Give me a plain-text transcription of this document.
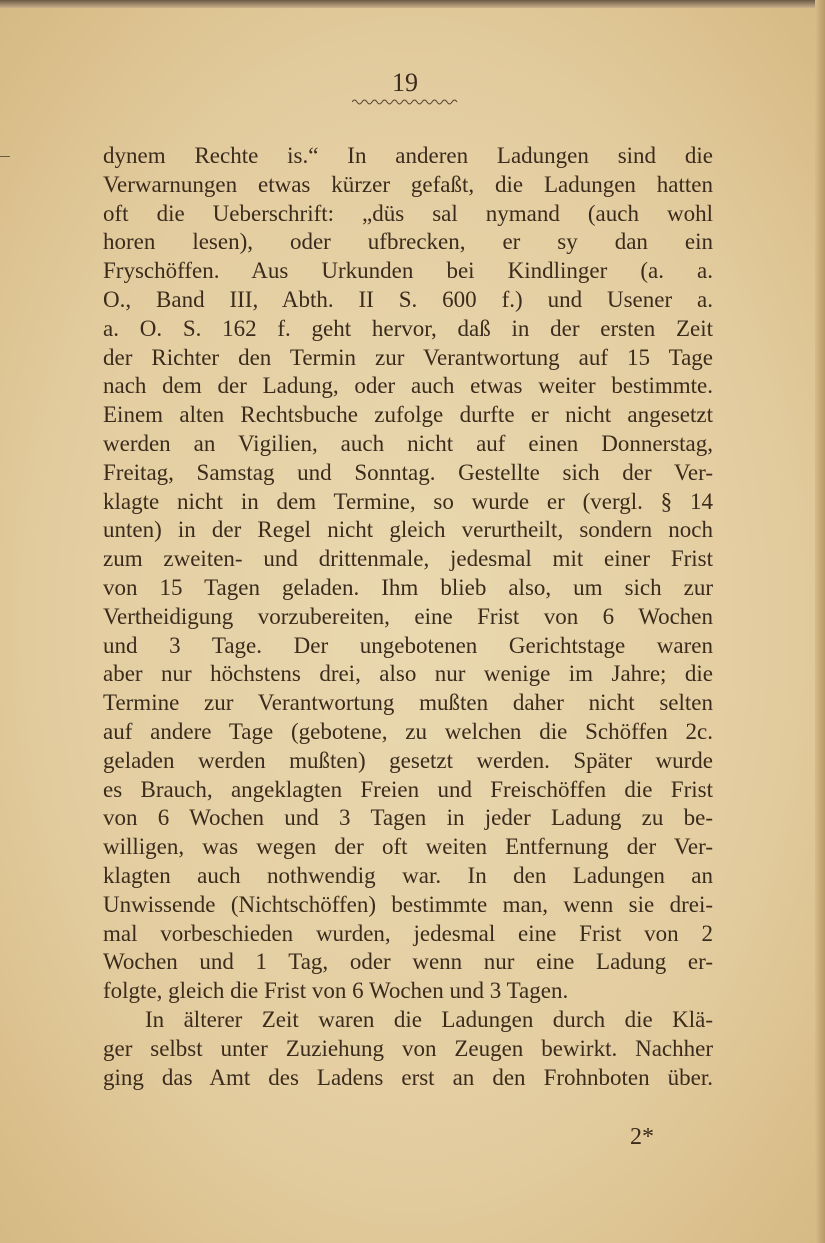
19
dynem Rechte is.“ In anderen Ladungen sind die
Verwarnungen etwas kürzer gefaßt, die Ladungen hatten
oft die Ueberschrift: „düs sal nymand (auch wohl
horen lesen), oder ufbrecken, er sy dan ein
Fryschöffen. Aus Urkunden bei Kindlinger (a. a.
O., Band III, Abth. II S. 600 f.) und Usener a.
a. O. S. 162 f. geht hervor, daß in der ersten Zeit
der Richter den Termin zur Verantwortung auf 15 Tage
nach dem der Ladung, oder auch etwas weiter bestimmte.
Einem alten Rechtsbuche zufolge durfte er nicht angesetzt
werden an Vigilien, auch nicht auf einen Donnerstag,
Freitag, Samstag und Sonntag. Gestellte sich der Ver-
klagte nicht in dem Termine, so wurde er (vergl. § 14
unten) in der Regel nicht gleich verurtheilt, sondern noch
zum zweiten- und drittenmale, jedesmal mit einer Frist
von 15 Tagen geladen. Ihm blieb also, um sich zur
Vertheidigung vorzubereiten, eine Frist von 6 Wochen
und 3 Tage. Der ungebotenen Gerichtstage waren
aber nur höchstens drei, also nur wenige im Jahre; die
Termine zur Verantwortung mußten daher nicht selten
auf andere Tage (gebotene, zu welchen die Schöffen 2c.
geladen werden mußten) gesetzt werden. Später wurde
es Brauch, angeklagten Freien und Freischöffen die Frist
von 6 Wochen und 3 Tagen in jeder Ladung zu be-
willigen, was wegen der oft weiten Entfernung der Ver-
klagten auch nothwendig war. In den Ladungen an
Unwissende (Nichtschöffen) bestimmte man, wenn sie drei-
mal vorbeschieden wurden, jedesmal eine Frist von 2
Wochen und 1 Tag, oder wenn nur eine Ladung er-
folgte, gleich die Frist von 6 Wochen und 3 Tagen.
In älterer Zeit waren die Ladungen durch die Klä-
ger selbst unter Zuziehung von Zeugen bewirkt. Nachher
ging das Amt des Ladens erst an den Frohnboten über.
2*
